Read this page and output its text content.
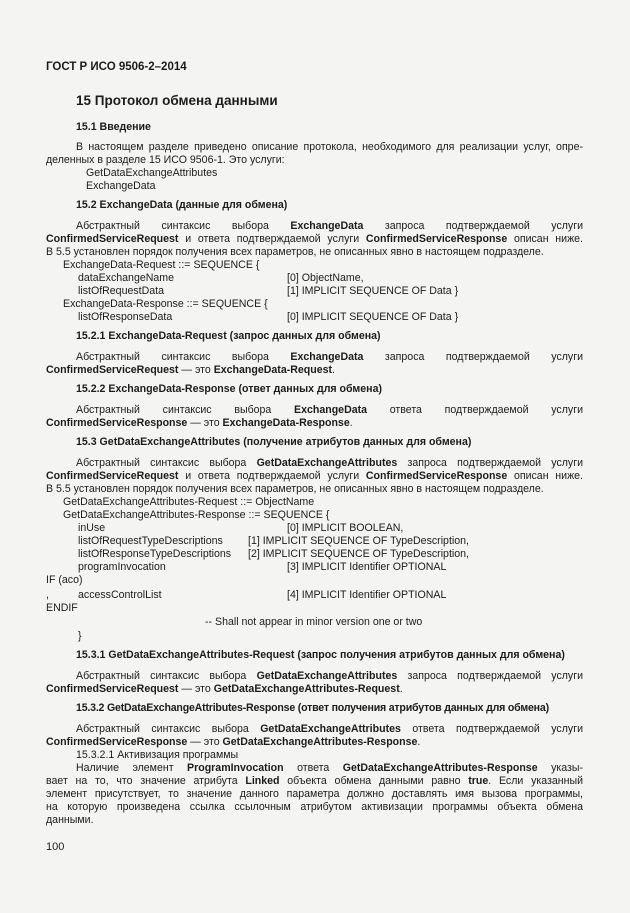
ГОСТ Р ИСО 9506-2–2014
15 Протокол обмена данными
15.1 Введение
В настоящем разделе приведено описание протокола, необходимого для реализации услуг, опре-
деленных в разделе 15 ИСО 9506-1. Это услуги:
GetDataExchangeAttributes
ExchangeData
15.2 ExchangeData (данные для обмена)
Абстрактный синтаксис выбора ExchangeData запроса подтверждаемой услуги
ConfirmedServiceRequest и ответа подтверждаемой услуги ConfirmedServiceResponse описан ниже.
В 5.5 установлен порядок получения всех параметров, не описанных явно в настоящем подразделе.
ExchangeData-Request ::= SEQUENCE {
dataExchangeName	[0] ObjectName,
listOfRequestData	[1] IMPLICIT SEQUENCE OF Data }
ExchangeData-Response ::= SEQUENCE {
listOfResponseData	[0] IMPLICIT SEQUENCE OF Data }
15.2.1 ExchangeData-Request (запрос данных для обмена)
Абстрактный синтаксис выбора ExchangeData запроса подтверждаемой услуги
ConfirmedServiceRequest — это ExchangeData-Request.
15.2.2 ExchangeData-Response (ответ данных для обмена)
Абстрактный синтаксис выбора ExchangeData ответа подтверждаемой услуги
ConfirmedServiceResponse — это ExchangeData-Response.
15.3 GetDataExchangeAttributes (получение атрибутов данных для обмена)
Абстрактный синтаксис выбора GetDataExchangeAttributes запроса подтверждаемой услуги
ConfirmedServiceRequest и ответа подтверждаемой услуги ConfirmedServiceResponse описан ниже.
В 5.5 установлен порядок получения всех параметров, не описанных явно в настоящем подразделе.
GetDataExchangeAttributes-Request ::= ObjectName
GetDataExchangeAttributes-Response ::= SEQUENCE {
inUse	[0] IMPLICIT BOOLEAN,
listOfRequestTypeDescriptions [1] IMPLICIT SEQUENCE OF TypeDescription,
listOfResponseTypeDescriptions [2] IMPLICIT SEQUENCE OF TypeDescription,
programInvocation	[3] IMPLICIT Identifier OPTIONAL
IF (aco)
,	accessControlList	[4] IMPLICIT Identifier OPTIONAL
ENDIF
-- Shall not appear in minor version one or two
}
15.3.1 GetDataExchangeAttributes-Request (запрос получения атрибутов данных для обмена)
Абстрактный синтаксис выбора GetDataExchangeAttributes запроса подтверждаемой услуги
ConfirmedServiceRequest — это GetDataExchangeAttributes-Request.
15.3.2 GetDataExchangeAttributes-Response (ответ получения атрибутов данных для обмена)
Абстрактный синтаксис выбора GetDataExchangeAttributes ответа подтверждаемой услуги
ConfirmedServiceResponse — это GetDataExchangeAttributes-Response.
15.3.2.1 Активизация программы
Наличие элемент ProgramInvocation ответа GetDataExchangeAttributes-Response указы-
вает на то, что значение атрибута Linked объекта обмена данными равно true. Если указанный
элемент присутствует, то значение данного параметра должно доставлять имя вызова программы,
на которую произведена ссылка ссылочным атрибутом активизации программы объекта обмена
данными.
100
